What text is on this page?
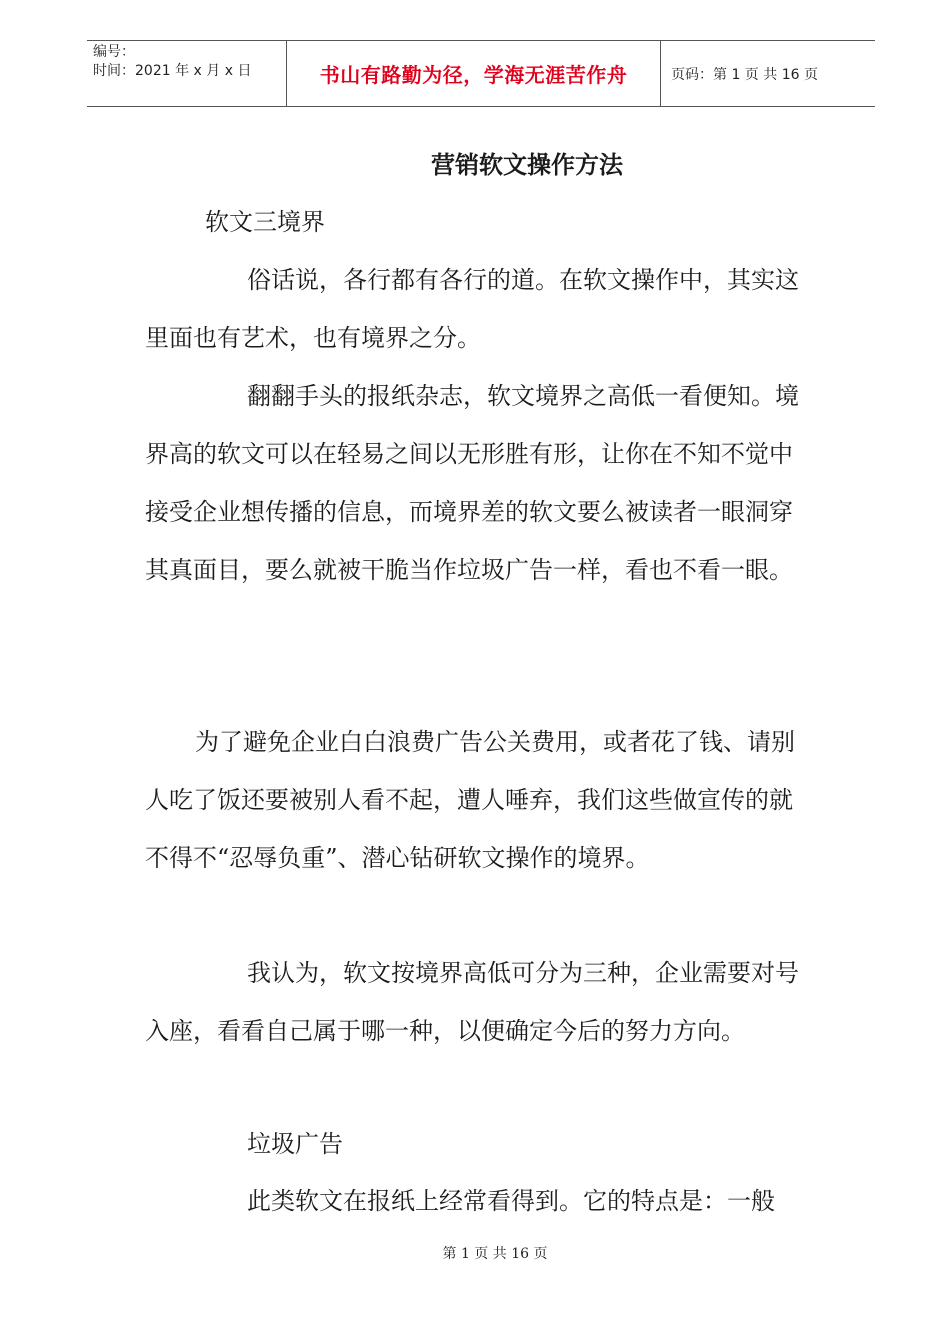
编号：
时间：2021 年 x 月 x 日	书山有路勤为径，学海无涯苦作舟	页码：第 1 页 共 16 页
营销软文操作方法

软文三境界

俗话说，各行都有各行的道。在软文操作中，其实这里面也有艺术，也有境界之分。

翻翻手头的报纸杂志，软文境界之高低一看便知。境界高的软文可以在轻易之间以无形胜有形，让你在不知不觉中接受企业想传播的信息，而境界差的软文要么被读者一眼洞穿其真面目，要么就被干脆当作垃圾广告一样，看也不看一眼。

为了避免企业白白浪费广告公关费用，或者花了钱、请别人吃了饭还要被别人看不起，遭人唾弃，我们这些做宣传的就不得不“忍辱负重”、潜心钻研软文操作的境界。

我认为，软文按境界高低可分为三种，企业需要对号入座，看看自己属于哪一种，以便确定今后的努力方向。

垃圾广告

此类软文在报纸上经常看得到。它的特点是：一般

第 1 页 共 16 页
